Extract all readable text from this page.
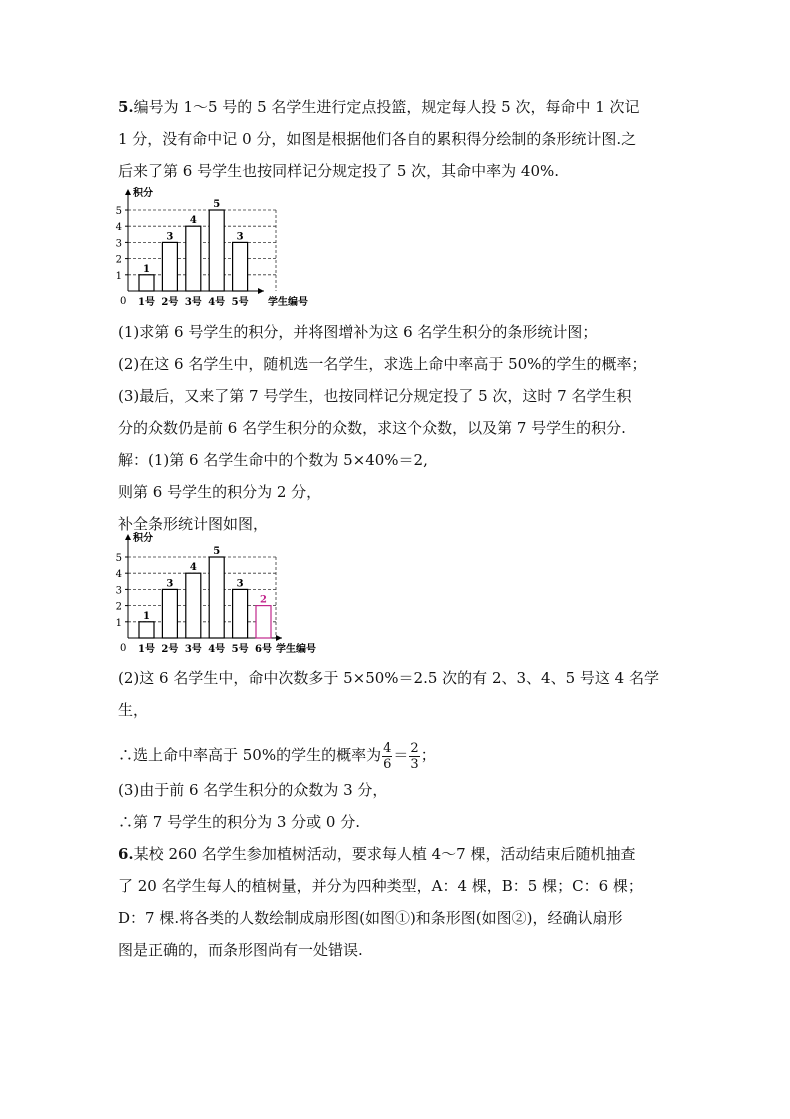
5.编号为 1～5 号的 5 名学生进行定点投篮，规定每人投 5 次，每命中 1 次记
1 分，没有命中记 0 分，如图是根据他们各自的累积得分绘制的条形统计图.之
后来了第 6 号学生也按同样记分规定投了 5 次，其命中率为 40%.
1
2
3
4
5
积分
0	学生编号
1
1号
3
2号
4
3号
5
4号
3
5号
(1)求第 6 号学生的积分，并将图增补为这 6 名学生积分的条形统计图；
(2)在这 6 名学生中，随机选一名学生，求选上命中率高于 50%的学生的概率；
(3)最后，又来了第 7 号学生，也按同样记分规定投了 5 次，这时 7 名学生积
分的众数仍是前 6 名学生积分的众数，求这个众数，以及第 7 号学生的积分.
解：(1)第 6 名学生命中的个数为 5×40%＝2,
则第 6 号学生的积分为 2 分，
补全条形统计图如图，
1
2
3
4
5
积分
0	学生编号
1
1号
3
2号
4
3号
5
4号
3
5号
2
6号
(2)这 6 名学生中，命中次数多于 5×50%＝2.5 次的有 2、3、4、5 号这 4 名学
生，
∴选上命中率高于 50%的学生的概率为 $\frac{4}{6} = \frac{2}{3}$ ；
(3)由于前 6 名学生积分的众数为 3 分，
∴第 7 号学生的积分为 3 分或 0 分.
6.某校 260 名学生参加植树活动，要求每人植 4～7 棵，活动结束后随机抽查
了 20 名学生每人的植树量，并分为四种类型，A：4 棵，B：5 棵；C：6 棵；
D：7 棵.将各类的人数绘制成扇形图(如图①)和条形图(如图②)，经确认扇形
图是正确的，而条形图尚有一处错误.
